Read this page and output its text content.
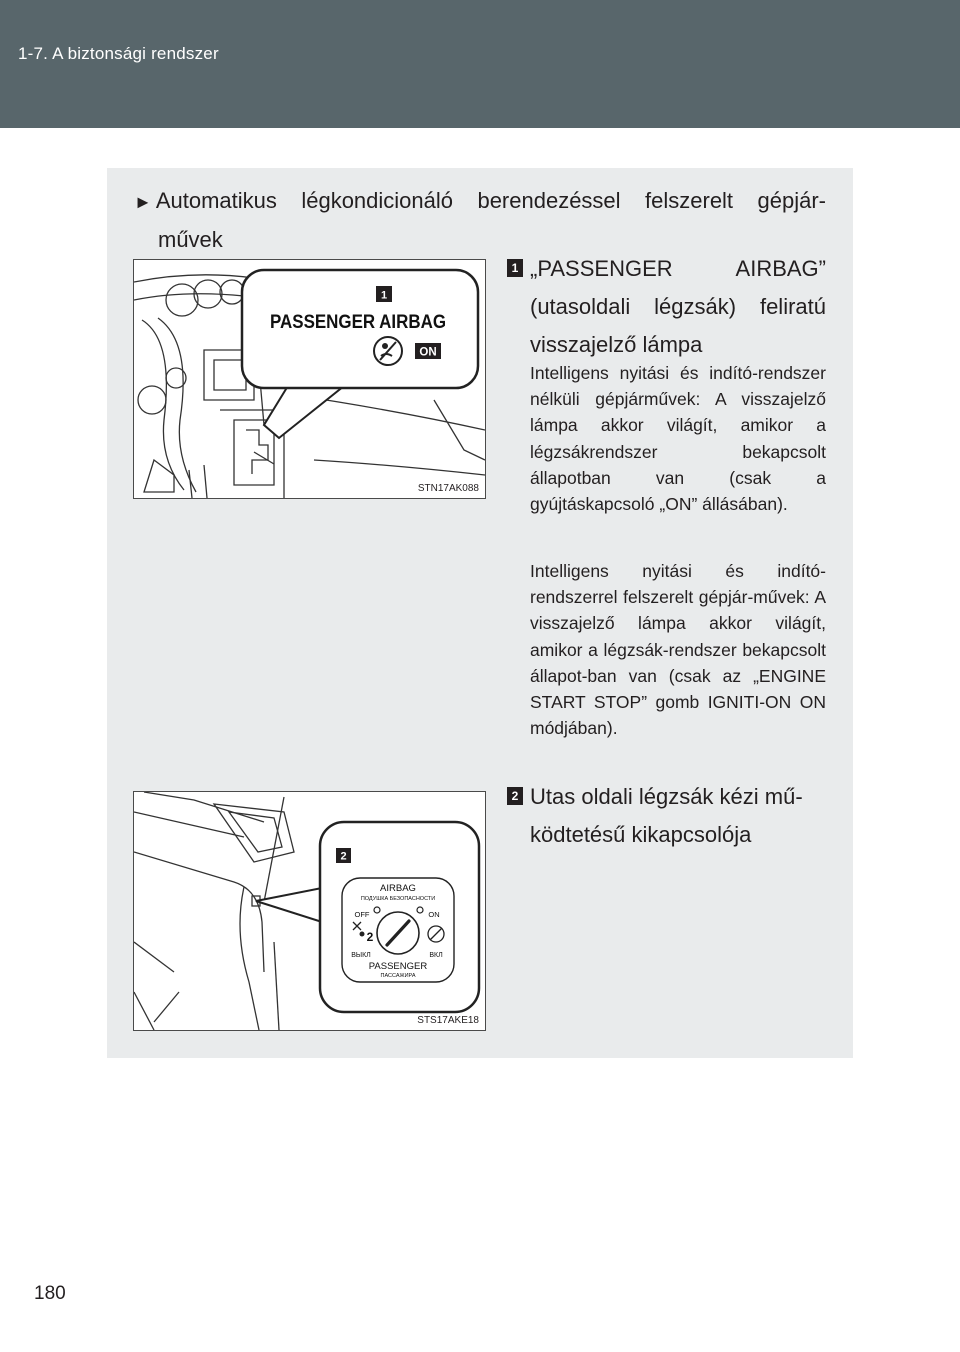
1-7. A biztonsági rendszer
► Automatikus légkondicionáló berendezéssel felszerelt gépjár-
művek
1
PASSENGER AIRBAG
ON
STN17AK088
1 „PASSENGER AIRBAG”
(utasoldali légzsák) feliratú
visszajelző lámpa
Intelligens nyitási és indító-rendszer nélküli gépjárművek: A visszajelző lámpa akkor világít, amikor a légzsákrendszer bekapcsolt állapotban van (csak a gyújtáskapcsoló „ON” állásában).
Intelligens nyitási és indító-rendszerrel felszerelt gépjár-művek: A visszajelző lámpa akkor világít, amikor a légzsák-rendszer bekapcsolt állapot-ban van (csak az „ENGINE START STOP” gomb IGNITI-ON ON módjában).
2
AIRBAG
ПОДУШКА БЕЗОПАСНОСТИ
OFF	ON
2
ВЫКЛ	ВКЛ
PASSENGER
ПАССАЖИРА
STS17AKE18
2 Utas oldali légzsák kézi mű-
ködtetésű kikapcsolója
180
